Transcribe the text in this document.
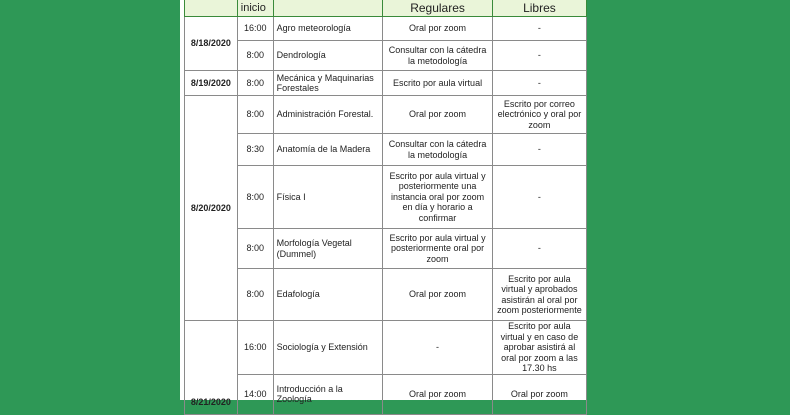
	inicio		Regulares	Libres
8/18/2020	16:00	Agro meteorología	Oral por zoom	-
	8:00	Dendrología	Consultar con la cátedra la metodología	-
8/19/2020	8:00	Mecánica y Maquinarias Forestales	Escrito por aula virtual	-
8/20/2020	8:00	Administración Forestal.	Oral por zoom	Escrito por correo electrónico y oral por zoom
	8:30	Anatomía de la Madera	Consultar con la cátedra la metodología	-
	8:00	Física I	Escrito por aula virtual y posteriormente una instancia oral por zoom en día y horario a confirmar	-
	8:00	Morfología Vegetal (Dummel)	Escrito por aula virtual y posteriormente oral por zoom	-
	8:00	Edafología	Oral por zoom	Escrito por aula virtual y aprobados asistirán al oral por zoom posteriormente
8/21/2020	16:00	Sociología y Extensión	-	Escrito por aula virtual y en caso de aprobar asistirá al oral por zoom a las 17.30 hs
	14:00	Introducción a la Zoología	Oral por zoom	Oral por zoom
